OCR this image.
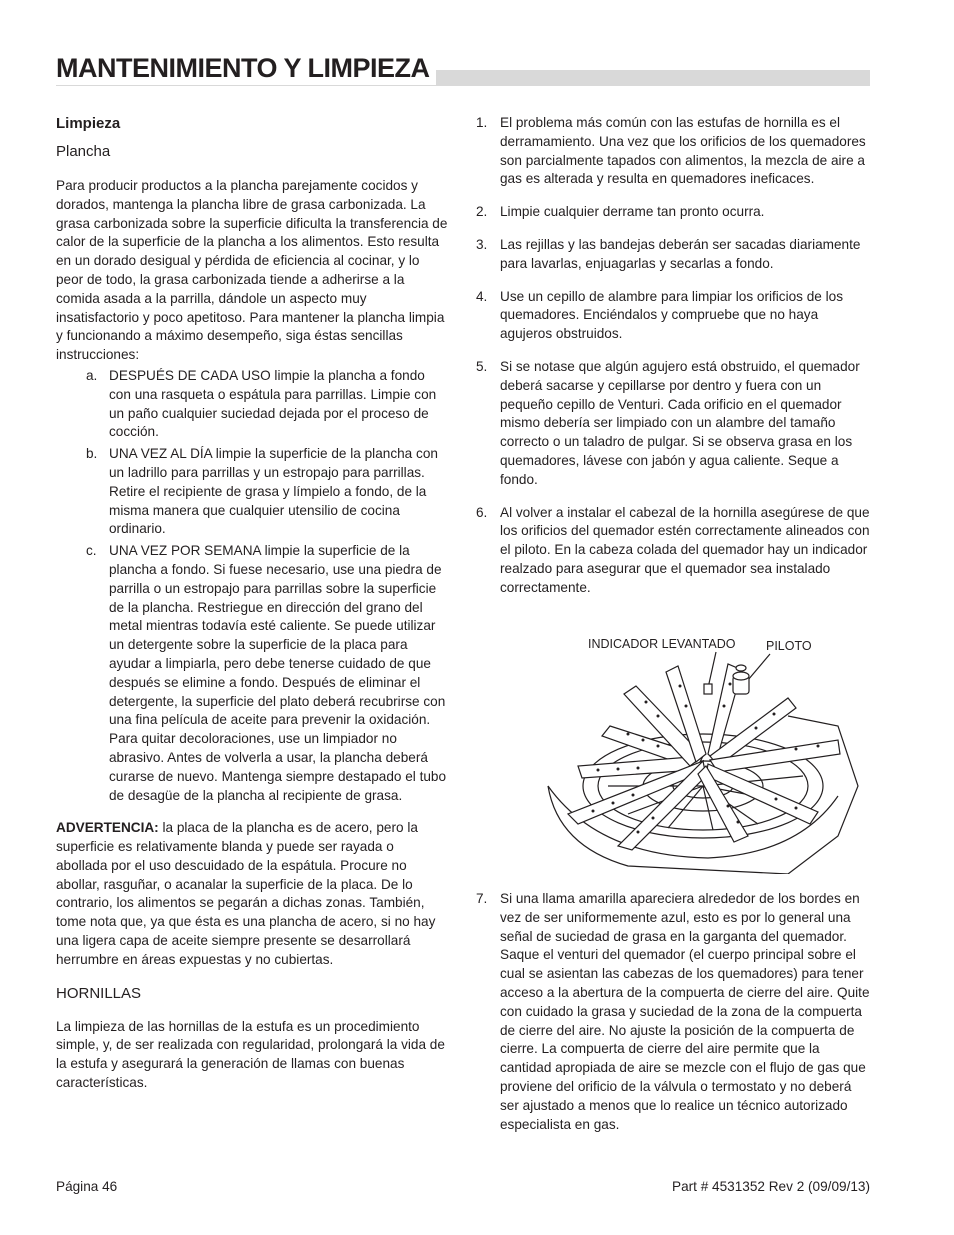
MANTENIMIENTO Y LIMPIEZA
Limpieza
Plancha

Para producir productos a la plancha parejamente cocidos y dorados, mantenga la plancha libre de grasa carbonizada. La grasa carbonizada sobre la superficie dificulta la transferencia de calor de la superficie de la plancha a los alimentos. Esto resulta en un dorado desigual y pérdida de eficiencia al cocinar, y lo peor de todo, la grasa carbonizada tiende a adherirse a la comida asada a la parrilla, dándole un aspecto muy insatisfactorio y poco apetitoso. Para mantener la plancha limpia y funcionando a máximo desempeño, siga éstas sencillas instrucciones:

a. DESPUÉS DE CADA USO limpie la plancha a fondo con una rasqueta o espátula para parrillas. Limpie con un paño cualquier suciedad dejada por el proceso de cocción.
b. UNA VEZ AL DÍA limpie la superficie de la plancha con un ladrillo para parrillas y un estropajo para parrillas. Retire el recipiente de grasa y límpielo a fondo, de la misma manera que cualquier utensilio de cocina ordinario.
c. UNA VEZ POR SEMANA limpie la superficie de la plancha a fondo. Si fuese necesario, use una piedra de parrilla o un estropajo para parrillas sobre la superficie de la plancha. Restriegue en dirección del grano del metal mientras todavía esté caliente. Se puede utilizar un detergente sobre la superficie de la placa para ayudar a limpiarla, pero debe tenerse cuidado de que después se elimine a fondo. Después de eliminar el detergente, la superficie del plato deberá recubrirse con una fina película de aceite para prevenir la oxidación. Para quitar decoloraciones, use un limpiador no abrasivo. Antes de volverla a usar, la plancha deberá curarse de nuevo. Mantenga siempre destapado el tubo de desagüe de la plancha al recipiente de grasa.

ADVERTENCIA: la placa de la plancha es de acero, pero la superficie es relativamente blanda y puede ser rayada o abollada por el uso descuidado de la espátula. Procure no abollar, rasguñar, o acanalar la superficie de la placa. De lo contrario, los alimentos se pegarán a dichas zonas. También, tome nota que, ya que ésta es una plancha de acero, si no hay una ligera capa de aceite siempre presente se desarrollará herrumbre en áreas expuestas y no cubiertas.

HORNILLAS

La limpieza de las hornillas de la estufa es un procedimiento simple, y, de ser realizada con regularidad, prolongará la vida de la estufa y asegurará la generación de llamas con buenas características.

1. El problema más común con las estufas de hornilla es el derramamiento. Una vez que los orificios de los quemadores son parcialmente tapados con alimentos, la mezcla de aire a gas es alterada y resulta en quemadores ineficaces.
2. Limpie cualquier derrame tan pronto ocurra.
3. Las rejillas y las bandejas deberán ser sacadas diariamente para lavarlas, enjuagarlas y secarlas a fondo.
4. Use un cepillo de alambre para limpiar los orificios de los quemadores. Enciéndalos y compruebe que no haya agujeros obstruidos.
5. Si se notase que algún agujero está obstruido, el quemador deberá sacarse y cepillarse por dentro y fuera con un pequeño cepillo de Venturi. Cada orificio en el quemador mismo debería ser limpiado con un alambre del tamaño correcto o un taladro de pulgar. Si se observa grasa en los quemadores, lávese con jabón y agua caliente. Seque a fondo.
6. Al volver a instalar el cabezal de la hornilla asegúrese de que los orificios del quemador estén correctamente alineados con el piloto. En la cabeza colada del quemador hay un indicador realzado para asegurar que el quemador sea instalado correctamente.
INDICADOR LEVANTADO PILOTO
7. Si una llama amarilla apareciera alrededor de los bordes en vez de ser uniformemente azul, esto es por lo general una señal de suciedad de grasa en la garganta del quemador. Saque el venturi del quemador (el cuerpo principal sobre el cual se asientan las cabezas de los quemadores) para tener acceso a la abertura de la compuerta de cierre del aire. Quite con cuidado la grasa y suciedad de la zona de la compuerta de cierre del aire. No ajuste la posición de la compuerta de cierre. La compuerta de cierre del aire permite que la cantidad apropiada de aire se mezcle con el flujo de gas que proviene del orificio de la válvula o termostato y no deberá ser ajustado a menos que lo realice un técnico autorizado especialista en gas.
Página 46	Part # 4531352 Rev 2 (09/09/13)
